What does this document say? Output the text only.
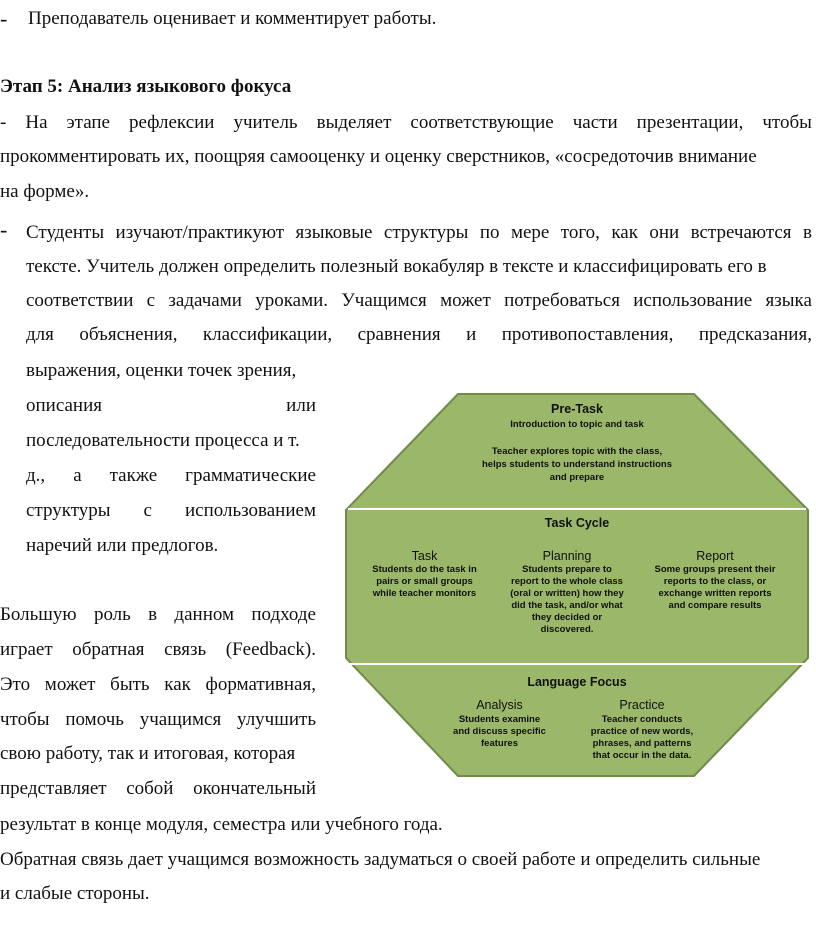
- Преподаватель оценивает и комментирует работы.
Этап 5: Анализ языкового фокуса
- На этапе рефлексии учитель выделяет соответствующие части презентации, чтобы
прокомментировать их, поощряя самооценку и оценку сверстников, «сосредоточив внимание
на форме».
- Студенты изучают/практикуют языковые структуры по мере того, как они встречаются в
тексте. Учитель должен определить полезный вокабуляр в тексте и классифицировать его в
соответствии с задачами уроками. Учащимся может потребоваться использование языка
для объяснения, классификации, сравнения и противопоставления, предсказания,
выражения, оценки точек зрения,
описания	или
последовательности процесса и т.
д., а также грамматические
структуры с использованием
наречий или предлогов.
Большую роль в данном подходе
играет обратная связь (Feedback).
Это может быть как формативная,
чтобы помочь учащимся улучшить
свою работу, так и итоговая, которая
представляет собой окончательный
результат в конце модуля, семестра или учебного года.
Обратная связь дает учащимся возможность задуматься о своей работе и определить сильные
и слабые стороны.
Pre-Task
Introduction to topic and task
Teacher explores topic with the class,
helps students to understand instructions
and prepare
Task Cycle
Task
Students do the task in
pairs or small groups
while teacher monitors
Planning
Students prepare to
report to the whole class
(oral or written) how they
did the task, and/or what
they decided or
discovered.
Report
Some groups present their
reports to the class, or
exchange written reports
and compare results
Language Focus
Analysis
Students examine
and discuss specific
features
Practice
Teacher conducts
practice of new words,
phrases, and patterns
that occur in the data.
